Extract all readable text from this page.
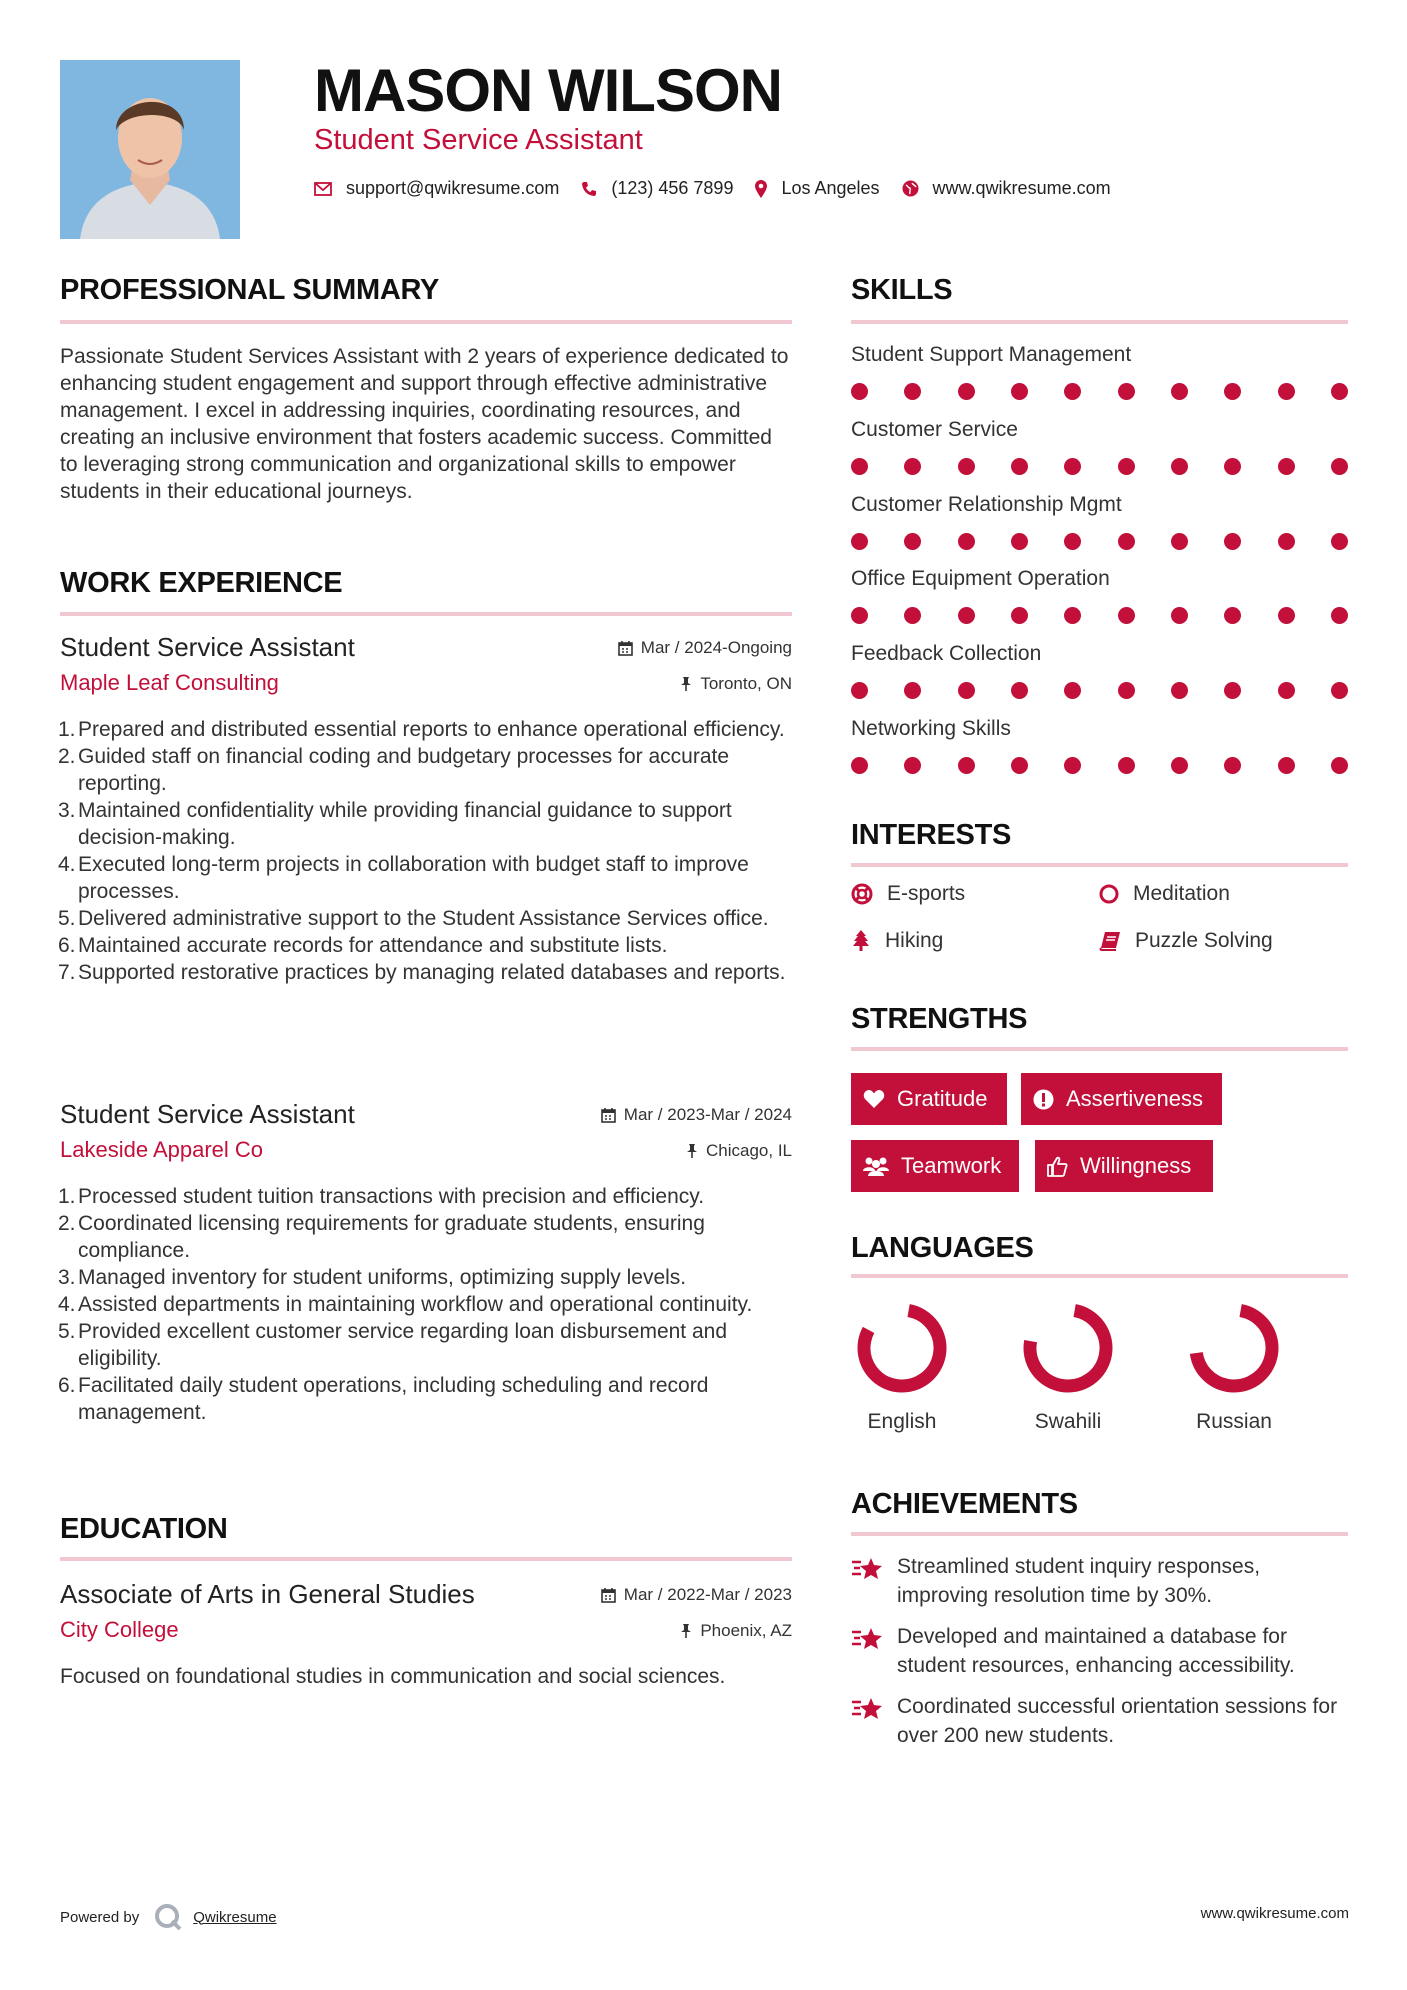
MASON WILSON
Student Service Assistant
support@qwikresume.com	(123) 456 7899	Los Angeles	www.qwikresume.com
PROFESSIONAL SUMMARY
Passionate Student Services Assistant with 2 years of experience dedicated to enhancing student engagement and support through effective administrative management. I excel in addressing inquiries, coordinating resources, and creating an inclusive environment that fosters academic success. Committed to leveraging strong communication and organizational skills to empower students in their educational journeys.
WORK EXPERIENCE
Student Service Assistant	Mar / 2024-Ongoing
Maple Leaf Consulting	Toronto, ON
1. Prepared and distributed essential reports to enhance operational efficiency.
2. Guided staff on financial coding and budgetary processes for accurate reporting.
3. Maintained confidentiality while providing financial guidance to support decision-making.
4. Executed long-term projects in collaboration with budget staff to improve processes.
5. Delivered administrative support to the Student Assistance Services office.
6. Maintained accurate records for attendance and substitute lists.
7. Supported restorative practices by managing related databases and reports.
Student Service Assistant	Mar / 2023-Mar / 2024
Lakeside Apparel Co	Chicago, IL
1. Processed student tuition transactions with precision and efficiency.
2. Coordinated licensing requirements for graduate students, ensuring compliance.
3. Managed inventory for student uniforms, optimizing supply levels.
4. Assisted departments in maintaining workflow and operational continuity.
5. Provided excellent customer service regarding loan disbursement and eligibility.
6. Facilitated daily student operations, including scheduling and record management.
EDUCATION
Associate of Arts in General Studies	Mar / 2022-Mar / 2023
City College	Phoenix, AZ
Focused on foundational studies in communication and social sciences.
SKILLS
Student Support Management
Customer Service
Customer Relationship Mgmt
Office Equipment Operation
Feedback Collection
Networking Skills
INTERESTS
E-sports	Meditation
Hiking	Puzzle Solving
STRENGTHS
Gratitude	Assertiveness
Teamwork	Willingness
LANGUAGES
English	Swahili	Russian
ACHIEVEMENTS
Streamlined student inquiry responses, improving resolution time by 30%.
Developed and maintained a database for student resources, enhancing accessibility.
Coordinated successful orientation sessions for over 200 new students.
Powered by	Qwikresume	www.qwikresume.com
